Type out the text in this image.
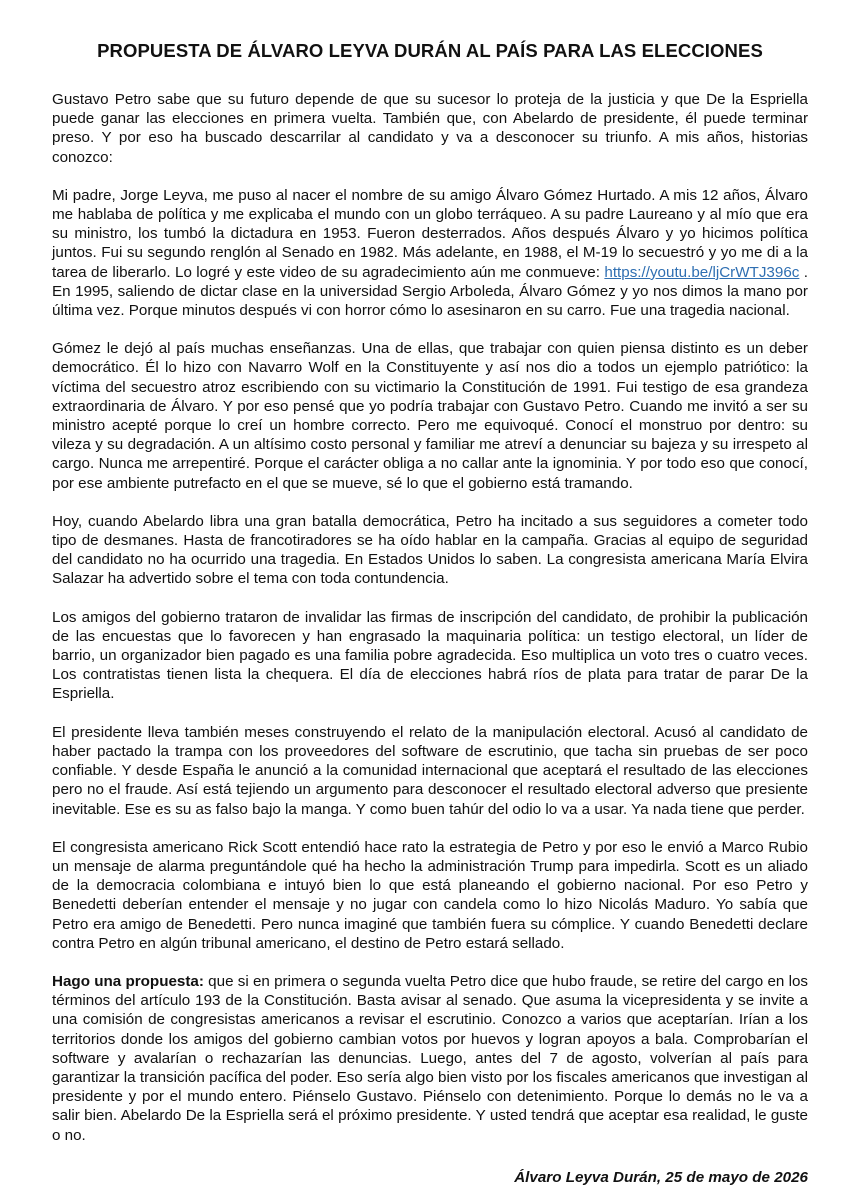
PROPUESTA DE ÁLVARO LEYVA DURÁN AL PAÍS PARA LAS ELECCIONES

Gustavo Petro sabe que su futuro depende de que su sucesor lo proteja de la justicia y que De la Espriella puede ganar las elecciones en primera vuelta. También que, con Abelardo de presidente, él puede terminar preso. Y por eso ha buscado descarrilar al candidato y va a desconocer su triunfo. A mis años, historias conozco:

Mi padre, Jorge Leyva, me puso al nacer el nombre de su amigo Álvaro Gómez Hurtado. A mis 12 años, Álvaro me hablaba de política y me explicaba el mundo con un globo terráqueo. A su padre Laureano y al mío que era su ministro, los tumbó la dictadura en 1953. Fueron desterrados. Años después Álvaro y yo hicimos política juntos. Fui su segundo renglón al Senado en 1982. Más adelante, en 1988, el M-19 lo secuestró y yo me di a la tarea de liberarlo. Lo logré y este video de su agradecimiento aún me conmueve: https://youtu.be/ljCrWTJ396c . En 1995, saliendo de dictar clase en la universidad Sergio Arboleda, Álvaro Gómez y yo nos dimos la mano por última vez. Porque minutos después vi con horror cómo lo asesinaron en su carro. Fue una tragedia nacional.

Gómez le dejó al país muchas enseñanzas. Una de ellas, que trabajar con quien piensa distinto es un deber democrático. Él lo hizo con Navarro Wolf en la Constituyente y así nos dio a todos un ejemplo patriótico: la víctima del secuestro atroz escribiendo con su victimario la Constitución de 1991. Fui testigo de esa grandeza extraordinaria de Álvaro. Y por eso pensé que yo podría trabajar con Gustavo Petro. Cuando me invitó a ser su ministro acepté porque lo creí un hombre correcto. Pero me equivoqué. Conocí el monstruo por dentro: su vileza y su degradación. A un altísimo costo personal y familiar me atreví a denunciar su bajeza y su irrespeto al cargo. Nunca me arrepentiré. Porque el carácter obliga a no callar ante la ignominia. Y por todo eso que conocí, por ese ambiente putrefacto en el que se mueve, sé lo que el gobierno está tramando.

Hoy, cuando Abelardo libra una gran batalla democrática, Petro ha incitado a sus seguidores a cometer todo tipo de desmanes. Hasta de francotiradores se ha oído hablar en la campaña. Gracias al equipo de seguridad del candidato no ha ocurrido una tragedia. En Estados Unidos lo saben. La congresista americana María Elvira Salazar ha advertido sobre el tema con toda contundencia.

Los amigos del gobierno trataron de invalidar las firmas de inscripción del candidato, de prohibir la publicación de las encuestas que lo favorecen y han engrasado la maquinaria política: un testigo electoral, un líder de barrio, un organizador bien pagado es una familia pobre agradecida. Eso multiplica un voto tres o cuatro veces. Los contratistas tienen lista la chequera. El día de elecciones habrá ríos de plata para tratar de parar De la Espriella.

El presidente lleva también meses construyendo el relato de la manipulación electoral. Acusó al candidato de haber pactado la trampa con los proveedores del software de escrutinio, que tacha sin pruebas de ser poco confiable. Y desde España le anunció a la comunidad internacional que aceptará el resultado de las elecciones pero no el fraude. Así está tejiendo un argumento para desconocer el resultado electoral adverso que presiente inevitable. Ese es su as falso bajo la manga. Y como buen tahúr del odio lo va a usar. Ya nada tiene que perder.

El congresista americano Rick Scott entendió hace rato la estrategia de Petro y por eso le envió a Marco Rubio un mensaje de alarma preguntándole qué ha hecho la administración Trump para impedirla. Scott es un aliado de la democracia colombiana e intuyó bien lo que está planeando el gobierno nacional. Por eso Petro y Benedetti deberían entender el mensaje y no jugar con candela como lo hizo Nicolás Maduro. Yo sabía que Petro era amigo de Benedetti. Pero nunca imaginé que también fuera su cómplice. Y cuando Benedetti declare contra Petro en algún tribunal americano, el destino de Petro estará sellado.

Hago una propuesta: que si en primera o segunda vuelta Petro dice que hubo fraude, se retire del cargo en los términos del artículo 193 de la Constitución. Basta avisar al senado. Que asuma la vicepresidenta y se invite a una comisión de congresistas americanos a revisar el escrutinio. Conozco a varios que aceptarían. Irían a los territorios donde los amigos del gobierno cambian votos por huevos y logran apoyos a bala. Comprobarían el software y avalarían o rechazarían las denuncias. Luego, antes del 7 de agosto, volverían al país para garantizar la transición pacífica del poder. Eso sería algo bien visto por los fiscales americanos que investigan al presidente y por el mundo entero. Piénselo Gustavo. Piénselo con detenimiento. Porque lo demás no le va a salir bien. Abelardo De la Espriella será el próximo presidente. Y usted tendrá que aceptar esa realidad, le guste o no.

Álvaro Leyva Durán, 25 de mayo de 2026
